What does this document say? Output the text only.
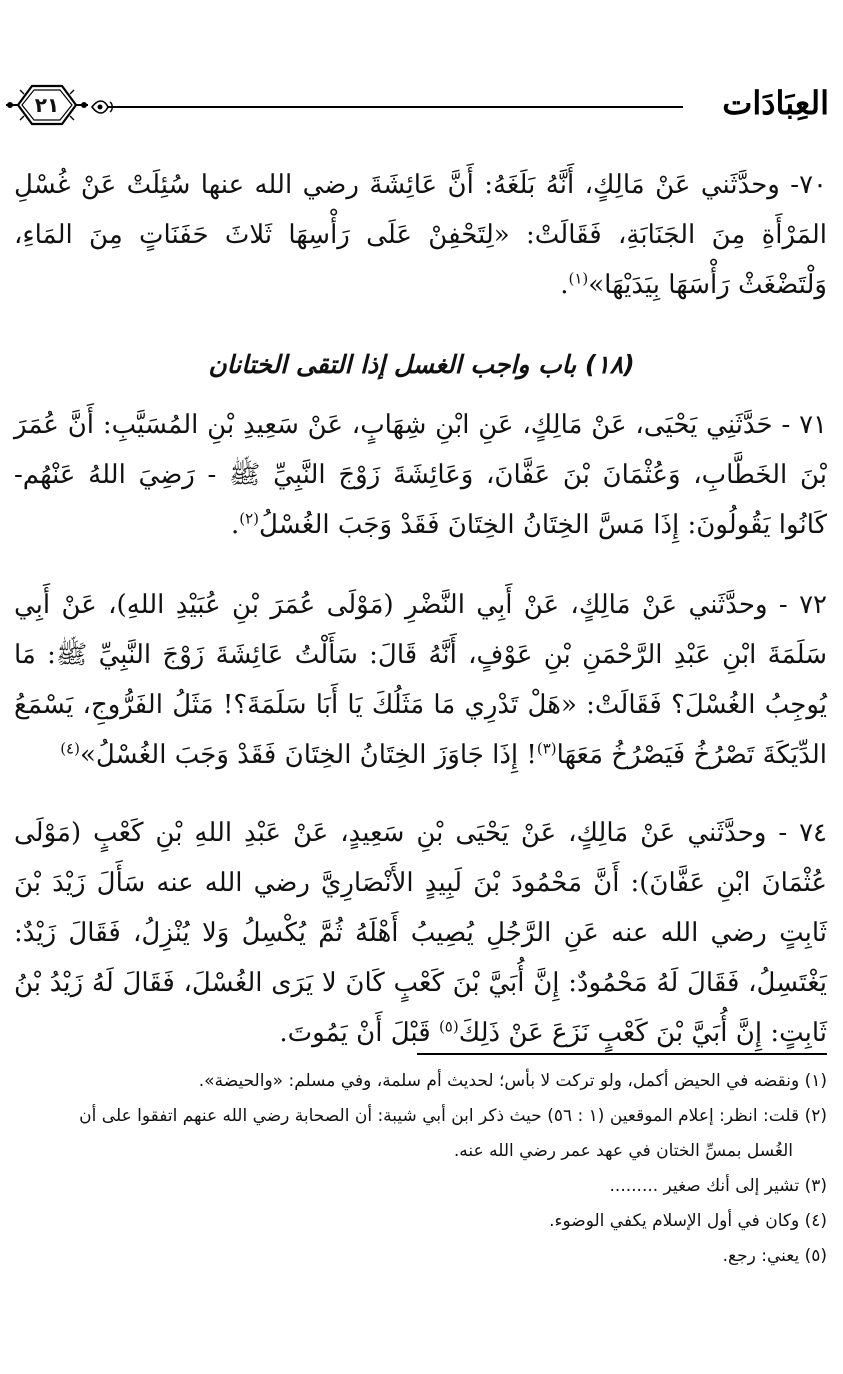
العِبَادَات
٢١

٧٠- وحدَّثَني عَنْ مَالِكٍ، أَنَّهُ بَلَغَهُ: أَنَّ عَائِشَةَ رضي الله عنها سُئِلَتْ عَنْ غُسْلِ المَرْأَةِ مِنَ الجَنَابَةِ، فَقَالَتْ: «لِتَحْفِنْ عَلَى رَأْسِهَا ثَلاثَ حَفَنَاتٍ مِنَ المَاءِ، وَلْتَضْغَثْ رَأْسَهَا بِيَدَيْهَا»$^{(١)}$.

(١٨) باب واجب الغسل إذا التقى الختانان

٧١ - حَدَّثَنِي يَحْيَى، عَنْ مَالِكٍ، عَنِ ابْنِ شِهَابٍ، عَنْ سَعِيدِ بْنِ المُسَيَّبِ: أَنَّ عُمَرَ بْنَ الخَطَّابِ، وَعُثْمَانَ بْنَ عَفَّانَ، وَعَائِشَةَ زَوْجَ النَّبِيِّ ﷺ - رَضِيَ اللهُ عَنْهُم- كَانُوا يَقُولُونَ: إِذَا مَسَّ الخِتَانُ الخِتَانَ فَقَدْ وَجَبَ الغُسْلُ$^{(٢)}$.

٧٢ - وحدَّثَني عَنْ مَالِكٍ، عَنْ أَبِي النَّضْرِ (مَوْلَى عُمَرَ بْنِ عُبَيْدِ اللهِ)، عَنْ أَبِي سَلَمَةَ ابْنِ عَبْدِ الرَّحْمَنِ بْنِ عَوْفٍ، أَنَّهُ قَالَ: سَأَلْتُ عَائِشَةَ زَوْجَ النَّبِيِّ ﷺ: مَا يُوجِبُ الغُسْلَ؟ فَقَالَتْ: «هَلْ تَدْرِي مَا مَثَلُكَ يَا أَبَا سَلَمَةَ؟! مَثَلُ الفَرُّوجِ، يَسْمَعُ الدِّيَكَةَ تَصْرُخُ فَيَصْرُخُ مَعَهَا$^{(٣)}$! إِذَا جَاوَزَ الخِتَانُ الخِتَانَ فَقَدْ وَجَبَ الغُسْلُ»$^{(٤)}$

٧٤ - وحدَّثَني عَنْ مَالِكٍ، عَنْ يَحْيَى بْنِ سَعِيدٍ، عَنْ عَبْدِ اللهِ بْنِ كَعْبٍ (مَوْلَى عُثْمَانَ ابْنِ عَفَّانَ): أَنَّ مَحْمُودَ بْنَ لَبِيدٍ الأَنْصَارِيَّ رضي الله عنه سَأَلَ زَيْدَ بْنَ ثَابِتٍ رضي الله عنه عَنِ الرَّجُلِ يُصِيبُ أَهْلَهُ ثُمَّ يُكْسِلُ وَلا يُنْزِلُ، فَقَالَ زَيْدٌ: يَغْتَسِلُ، فَقَالَ لَهُ مَحْمُودٌ: إِنَّ أُبَيَّ بْنَ كَعْبٍ كَانَ لا يَرَى الغُسْلَ، فَقَالَ لَهُ زَيْدُ بْنُ ثَابِتٍ: إِنَّ أُبَيَّ بْنَ كَعْبٍ نَزَعَ عَنْ ذَلِكَ$^{(٥)}$ قَبْلَ أَنْ يَمُوتَ.

(١) ونقضه في الحيض أكمل، ولو تركت لا بأس؛ لحديث أم سلمة، وفي مسلم: «والحيضة».
(٢) قلت: انظر: إعلام الموقعين (١ : ٥٦) حيث ذكر ابن أبي شيبة: أن الصحابة رضي الله عنهم اتفقوا على أن
الغُسل بمسِّ الختان في عهد عمر رضي الله عنه.
(٣) تشير إلى أنك صغير .........
(٤) وكان في أول الإسلام يكفي الوضوء.
(٥) يعني: رجع.
